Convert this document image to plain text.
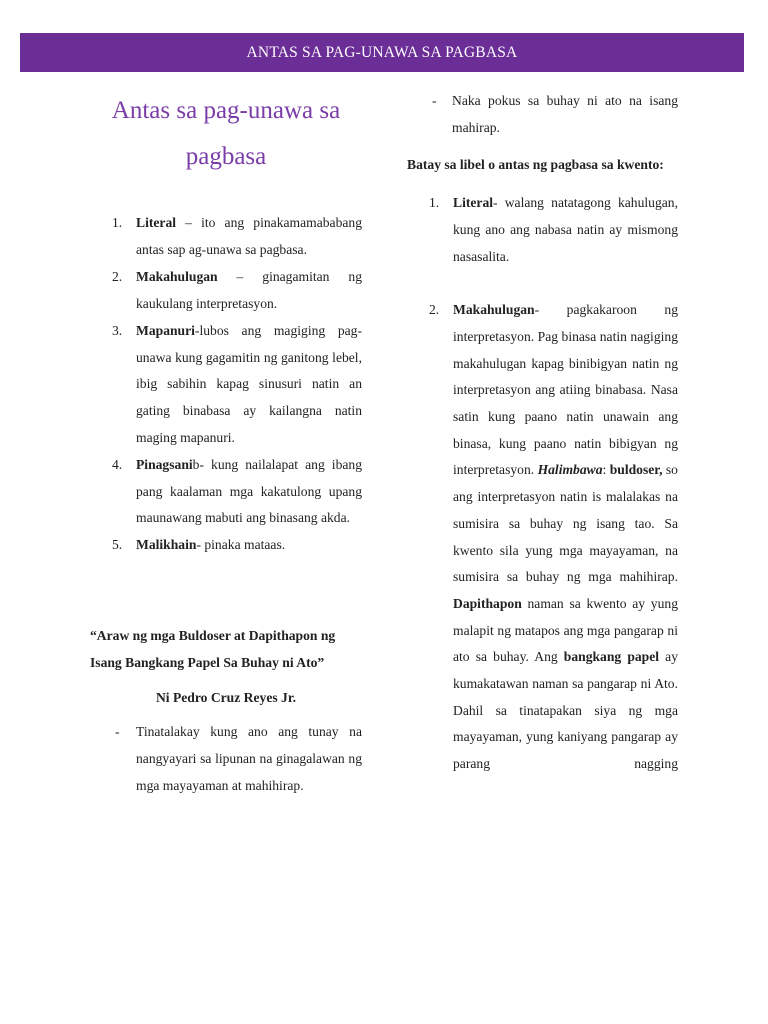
ANTAS SA PAG-UNAWA SA PAGBASA
Antas sa pag-unawa sa
pagbasa
1. Literal – ito ang pinakamamababang antas sap ag-unawa sa pagbasa.
2. Makahulugan – ginagamitan ng kaukulang interpretasyon.
3. Mapanuri-lubos ang magiging pag-unawa kung gagamitin ng ganitong lebel, ibig sabihin kapag sinusuri natin an gating binabasa ay kailangna natin maging mapanuri.
4. Pinagsanib- kung nailalapat ang ibang pang kaalaman mga kakatulong upang maunawang mabuti ang binasang akda.
5. Malikhain- pinaka mataas.

“Araw ng mga Buldoser at Dapithapon ng Isang Bangkang Papel Sa Buhay ni Ato”

Ni Pedro Cruz Reyes Jr.

- Tinatalakay kung ano ang tunay na nangyayari sa lipunan na ginagalawan ng mga mayayaman at mahihirap.
- Naka pokus sa buhay ni ato na isang mahirap.

Batay sa libel o antas ng pagbasa sa kwento:

1. Literal- walang natatagong kahulugan, kung ano ang nabasa natin ay mismong nasasalita.
2. Makahulugan- pagkakaroon ng interpretasyon. Pag binasa natin nagiging makahulugan kapag binibigyan natin ng interpretasyon ang atiing binabasa. Nasa satin kung paano natin unawain ang binasa, kung paano natin bibigyan ng interpretasyon. Halimbawa: buldoser, so ang interpretasyon natin is malalakas na sumisira sa buhay ng isang tao. Sa kwento sila yung mga mayayaman, na sumisira sa buhay ng mga mahihirap. Dapithapon naman sa kwento ay yung malapit ng matapos ang mga pangarap ni ato sa buhay. Ang bangkang papel ay kumakatawan naman sa pangarap ni Ato. Dahil sa tinatapakan siya ng mga mayayaman, yung kaniyang pangarap ay parang nagging
